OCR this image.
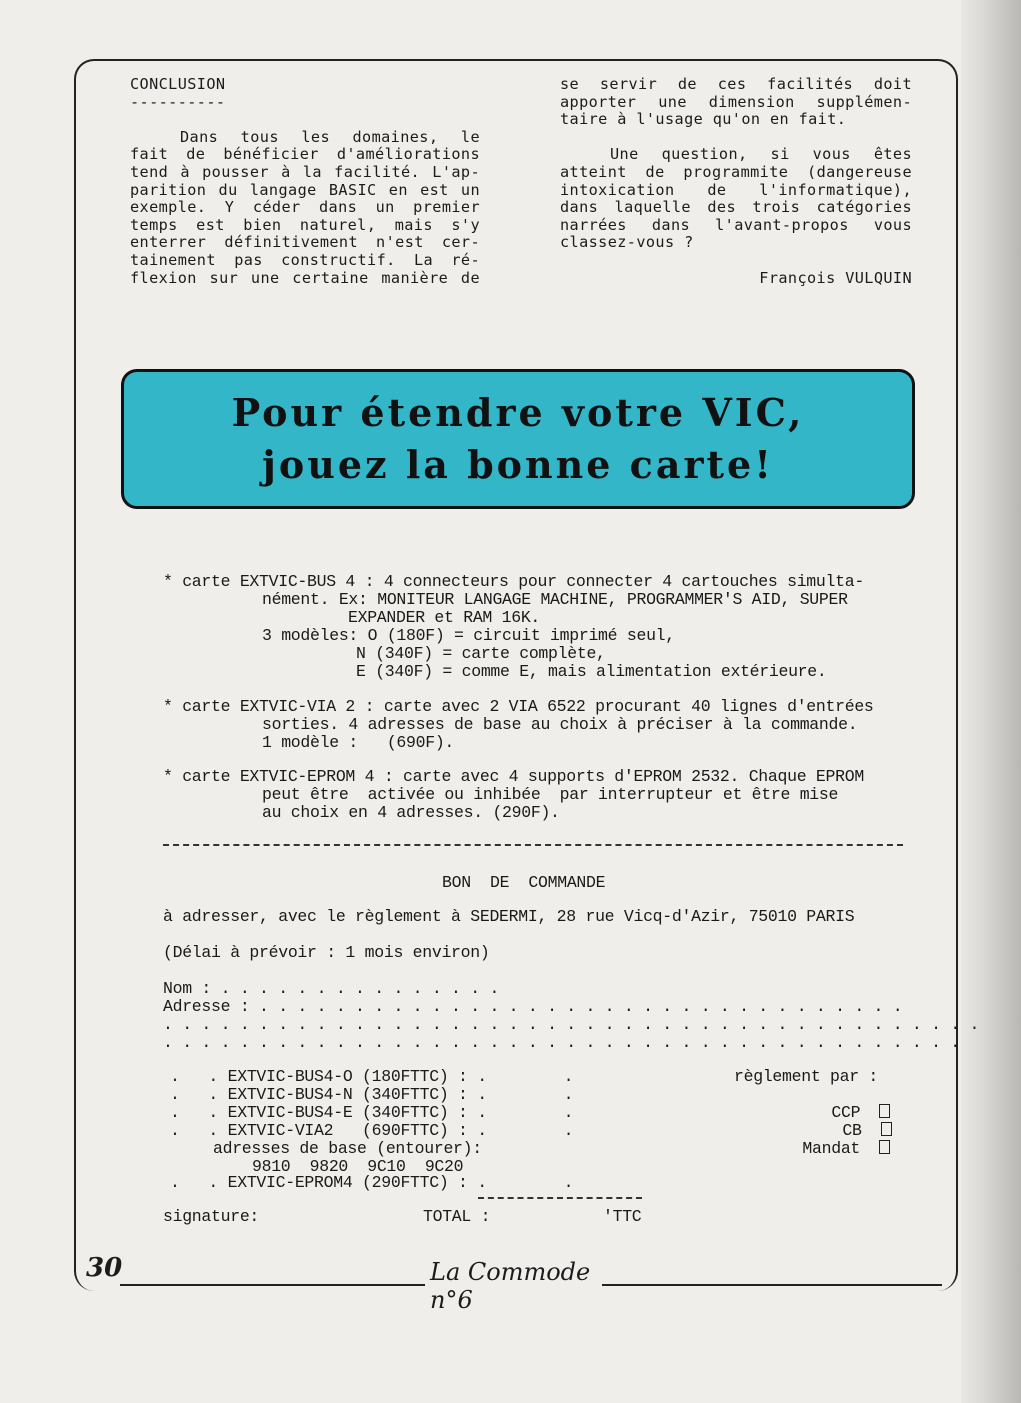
CONCLUSION

----------

Dans tous les domaines, le

fait de bénéficier d'améliorations

tend à pousser à la facilité. L'ap-

parition du langage BASIC en est un

exemple. Y céder dans un premier

temps est bien naturel, mais s'y

enterrer définitivement n'est cer-

tainement pas constructif. La ré-

flexion sur une certaine manière de

se servir de ces facilités doit

apporter une dimension supplémen-

taire à l'usage qu'on en fait.

Une question, si vous êtes

atteint de programmite (dangereuse

intoxication de l'informatique),

dans laquelle des trois catégories

narrées dans l'avant-propos vous

classez-vous ?

François VULQUIN

Pour étendre votre VIC,
jouez la bonne carte!
* carte EXTVIC-BUS 4 : 4 connecteurs pour connecter 4 cartouches simulta-
nément. Ex: MONITEUR LANGAGE MACHINE, PROGRAMMER'S AID, SUPER
EXPANDER et RAM 16K.
3 modèles: O (180F) = circuit imprimé seul,
N (340F) = carte complète,
E (340F) = comme E, mais alimentation extérieure.
* carte EXTVIC-VIA 2 : carte avec 2 VIA 6522 procurant 40 lignes d'entrées
sorties. 4 adresses de base au choix à préciser à la commande.
1 modèle :   (690F).
* carte EXTVIC-EPROM 4 : carte avec 4 supports d'EPROM 2532. Chaque EPROM
peut être  activée ou inhibée  par interrupteur et être mise
au choix en 4 adresses. (290F).
BON  DE  COMMANDE
à adresser, avec le règlement à SEDERMI, 28 rue Vicq-d'Azir, 75010 PARIS
(Délai à prévoir : 1 mois environ)
Nom : . . . . . . . . . . . . . . .
Adresse : . . . . . . . . . . . . . . . . . . . . . . . . . . . . . . . . . .
. . . . . . . . . . . . . . . . . . . . . . . . . . . . . . . . . . . . . . . . . . .
. . . . . . . . . . . . . . . . . . . . . . . . . . . . . . . . . . . . . . . . . .
.   . EXTVIC-BUS4-O (180FTTC) : .        .
.   . EXTVIC-BUS4-N (340FTTC) : .        .
.   . EXTVIC-BUS4-E (340FTTC) : .        .
.   . EXTVIC-VIA2   (690FTTC) : .        .
adresses de base (entourer):
9810  9820  9C10  9C20
.   . EXTVIC-EPROM4 (290FTTC) : .        .
règlement par :

CCP

CB

Mandat

signature:	TOTAL :	'TTC
30	La Commode n°6
